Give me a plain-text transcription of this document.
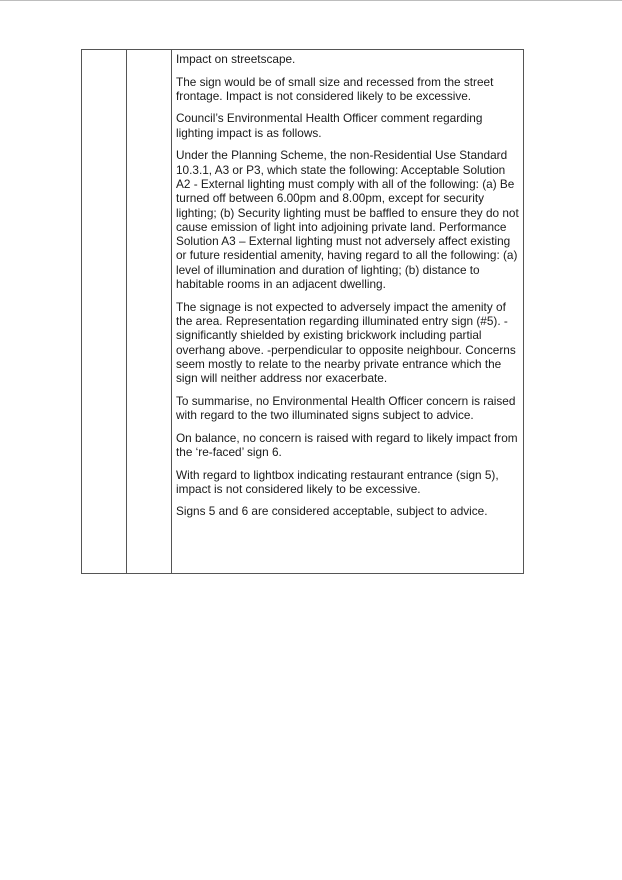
Impact on streetscape.

The sign would be of small size and recessed from the street frontage. Impact is not considered likely to be excessive.

Council’s Environmental Health Officer comment regarding lighting impact is as follows.

Under the Planning Scheme, the non-Residential Use Standard 10.3.1, A3 or P3, which state the following: Acceptable Solution A2 - External lighting must comply with all of the following: (a) Be turned off between 6.00pm and 8.00pm, except for security lighting; (b) Security lighting must be baffled to ensure they do not cause emission of light into adjoining private land. Performance Solution A3 – External lighting must not adversely affect existing or future residential amenity, having regard to all the following: (a) level of illumination and duration of lighting; (b) distance to habitable rooms in an adjacent dwelling.

The signage is not expected to adversely impact the amenity of the area. Representation regarding illuminated entry sign (#5). -significantly shielded by existing brickwork including partial overhang above. -perpendicular to opposite neighbour. Concerns seem mostly to relate to the nearby private entrance which the sign will neither address nor exacerbate.

To summarise, no Environmental Health Officer concern is raised with regard to the two illuminated signs subject to advice.

On balance, no concern is raised with regard to likely impact from the ‘re-faced’ sign 6.

With regard to lightbox indicating restaurant entrance (sign 5), impact is not considered likely to be excessive.

Signs 5 and 6 are considered acceptable, subject to advice.
